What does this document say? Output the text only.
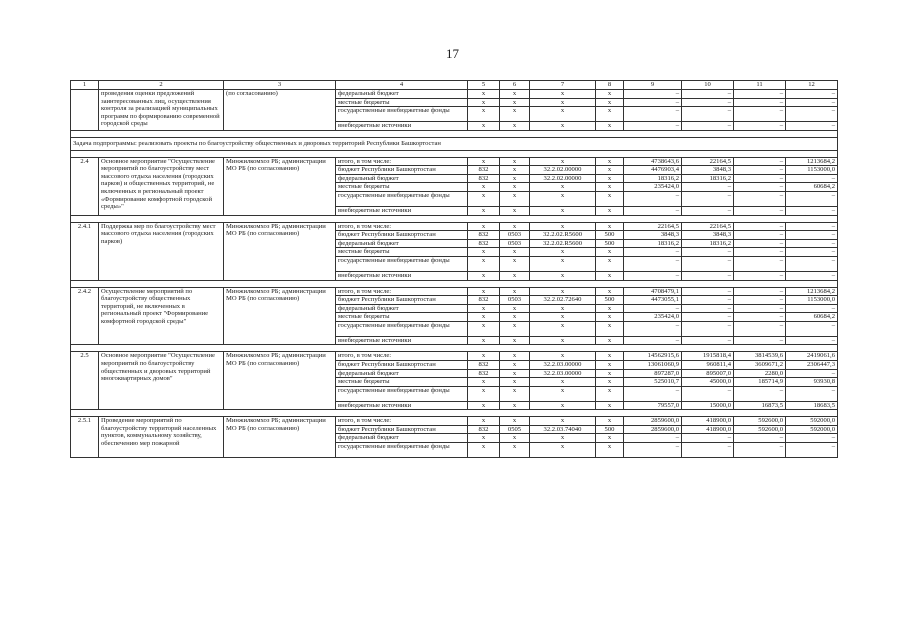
17
1	2	3	4	5	6	7	8	9	10	11	12
	проведения оценки предложений заинтересованных лиц, осуществления контроля за реализацией муниципальных программ по формированию современной городской среды	(по согласованию)	федеральный бюджет	x	x	x	x	–	–	–	–
			местные бюджеты	x	x	x	x	–	–	–	–
			государственные внебюджетные фонды	x	x	x	x	–	–	–	–
			внебюджетные источники	x	x	x	x	–	–	–	–

Задача подпрограммы: реализовать проекты по благоустройству общественных и дворовых территорий Республики Башкортостан											

2.4	Основное мероприятие "Осуществление мероприятий по благоустройству мест массового отдыха населения (городских парков) и общественных территорий, не включенных в региональный проект «Формирование комфортной городской среды»"	Минжилкомхоз РБ; администрации МО РБ (по согласованию)	итого, в том числе:	x	x	x	x	4738643,6	22164,5	–	1213684,2
			бюджет Республики Башкортостан	832	x	32.2.02.00000	x	4476903,4	3848,3	–	1153000,0
			федеральный бюджет	832	x	32.2.02.00000	x	18316,2	18316,2	–	–
			местные бюджеты	x	x	x	x	235424,0	–	–	60684,2
			государственные внебюджетные фонды	x	x	x	x	–	–	–	–
			внебюджетные источники	x	x	x	x	–	–	–	–

2.4.1	Поддержка мер по благоустройству мест массового отдыха населения (городских парков)	Минжилкомхоз РБ; администрации МО РБ (по согласованию)	итого, в том числе:	x	x	x	x	22164,5	22164,5	–	–
			бюджет Республики Башкортостан	832	0503	32.2.02.R5600	500	3848,3	3848,3	–	–
			федеральный бюджет	832	0503	32.2.02.R5600	500	18316,2	18316,2	–	–
			местные бюджеты	x	x	x	x	–	–	–	–
			государственные внебюджетные фонды	x	x	x	x	–	–	–	–
			внебюджетные источники	x	x	x	x	–	–	–	–

2.4.2	Осуществление мероприятий по благоустройству общественных территорий, не включенных в региональный проект "Формирование комфортной городской среды"	Минжилкомхоз РБ; администрации МО РБ (по согласованию)	итого, в том числе:	x	x	x	x	4708479,1	–	–	1213684,2
			бюджет Республики Башкортостан	832	0503	32.2.02.72640	500	4473055,1	–	–	1153000,0
			федеральный бюджет	x	x	x	x	–	–	–	–
			местные бюджеты	x	x	x	x	235424,0	–	–	60684,2
			государственные внебюджетные фонды	x	x	x	x	–	–	–	–
			внебюджетные источники	x	x	x	x	–	–	–	–

2.5	Основное мероприятие "Осуществление мероприятий по благоустройству общественных и дворовых территорий многоквартирных домов"	Минжилкомхоз РБ; администрации МО РБ (по согласованию)	итого, в том числе:	x	x	x	x	14562915,6	1915818,4	3814539,6	2419061,6
			бюджет Республики Башкортостан	832	x	32.2.03.00000	x	13061060,9	960811,4	3609671,2	2306447,3
			федеральный бюджет	832	x	32.2.03.00000	x	897287,0	895007,0	2280,0	–
			местные бюджеты	x	x	x	x	525010,7	45000,0	185714,9	93930,8
			государственные внебюджетные фонды	x	x	x	x	–	–	–	–
			внебюджетные источники	x	x	x	x	79557,0	15000,0	16873,5	18683,5

2.5.1	Проведение мероприятий по благоустройству территорий населенных пунктов, коммунальному хозяйству, обеспечению мер пожарной	Минжилкомхоз РБ; администрации МО РБ (по согласованию)	итого, в том числе:	x	x	x	x	2859600,0	418900,0	592600,0	592000,0
			бюджет Республики Башкортостан	832	0505	32.2.03.74040	500	2859600,0	418900,0	592600,0	592000,0
			федеральный бюджет	x	x	x	x	–	–	–	–
			государственные внебюджетные фонды	x	x	x	x	–	–	–	–
